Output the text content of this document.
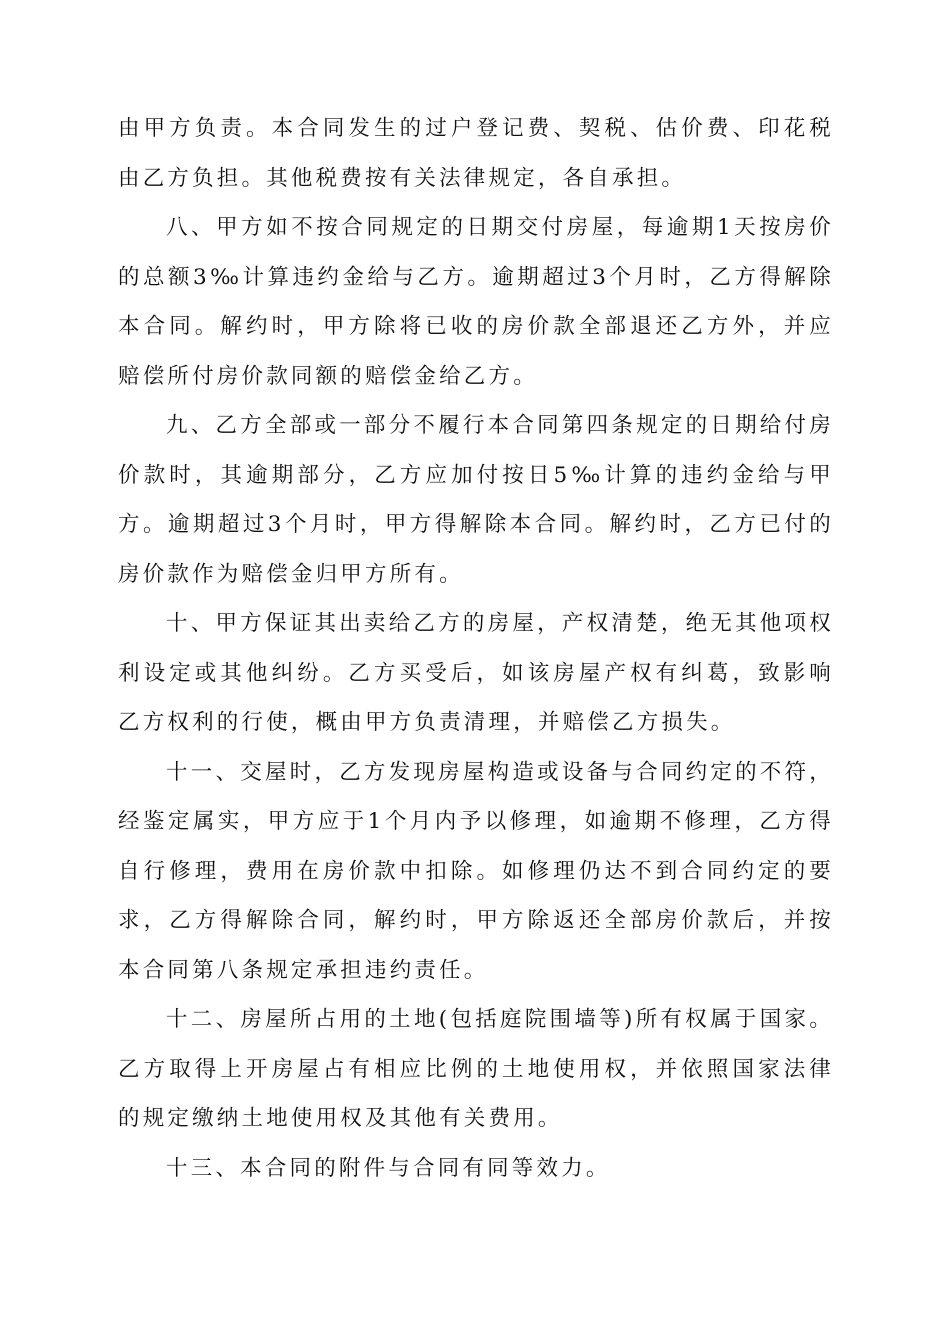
由甲方负责。本合同发生的过户登记费、契税、估价费、印花税由乙方负担。其他税费按有关法律规定，各自承担。

八、甲方如不按合同规定的日期交付房屋，每逾期1天按房价的总额3‰计算违约金给与乙方。逾期超过3个月时，乙方得解除本合同。解约时，甲方除将已收的房价款全部退还乙方外，并应赔偿所付房价款同额的赔偿金给乙方。

九、乙方全部或一部分不履行本合同第四条规定的日期给付房价款时，其逾期部分，乙方应加付按日5‰计算的违约金给与甲方。逾期超过3个月时，甲方得解除本合同。解约时，乙方已付的房价款作为赔偿金归甲方所有。

十、甲方保证其出卖给乙方的房屋，产权清楚，绝无其他项权利设定或其他纠纷。乙方买受后，如该房屋产权有纠葛，致影响乙方权利的行使，概由甲方负责清理，并赔偿乙方损失。

十一、交屋时，乙方发现房屋构造或设备与合同约定的不符，经鉴定属实，甲方应于1个月内予以修理，如逾期不修理，乙方得自行修理，费用在房价款中扣除。如修理仍达不到合同约定的要求，乙方得解除合同，解约时，甲方除返还全部房价款后，并按本合同第八条规定承担违约责任。

十二、房屋所占用的土地(包括庭院围墙等)所有权属于国家。乙方取得上开房屋占有相应比例的土地使用权，并依照国家法律的规定缴纳土地使用权及其他有关费用。

十三、本合同的附件与合同有同等效力。
